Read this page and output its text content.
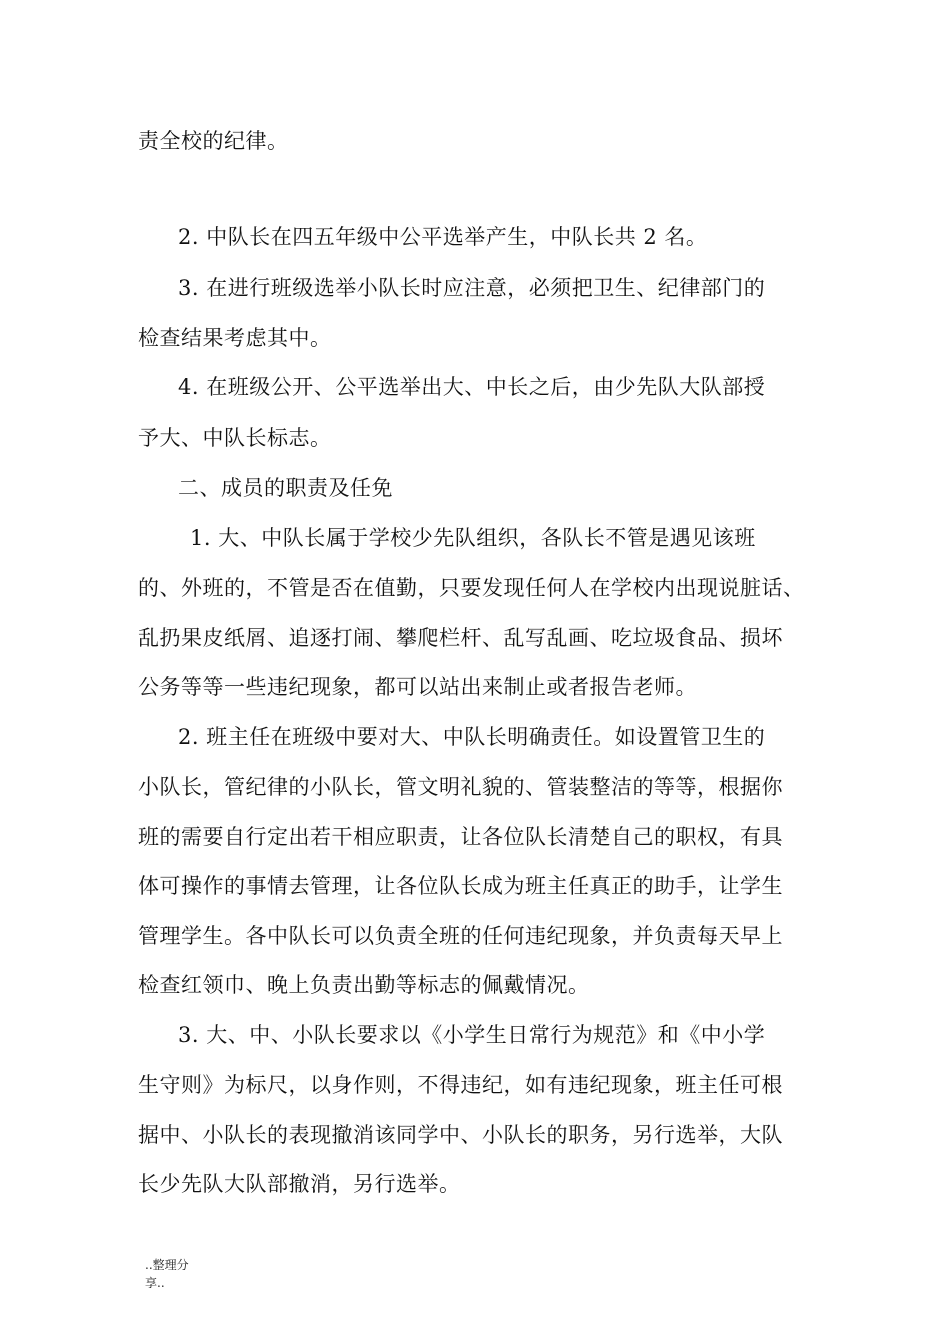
责全校的纪律。
2. 中队长在四五年级中公平选举产生，中队长共 2 名。
3. 在进行班级选举小队长时应注意，必须把卫生、纪律部门的
检查结果考虑其中。
4. 在班级公开、公平选举出大、中长之后，由少先队大队部授
予大、中队长标志。
二、成员的职责及任免
1. 大、中队长属于学校少先队组织，各队长不管是遇见该班
的、外班的，不管是否在值勤，只要发现任何人在学校内出现说脏话、
乱扔果皮纸屑、追逐打闹、攀爬栏杆、乱写乱画、吃垃圾食品、损坏
公务等等一些违纪现象，都可以站出来制止或者报告老师。
2. 班主任在班级中要对大、中队长明确责任。如设置管卫生的
小队长，管纪律的小队长，管文明礼貌的、管装整洁的等等，根据你
班的需要自行定出若干相应职责，让各位队长清楚自己的职权，有具
体可操作的事情去管理，让各位队长成为班主任真正的助手，让学生
管理学生。各中队长可以负责全班的任何违纪现象，并负责每天早上
检查红领巾、晚上负责出勤等标志的佩戴情况。
3. 大、中、小队长要求以《小学生日常行为规范》和《中小学
生守则》为标尺，以身作则，不得违纪，如有违纪现象，班主任可根
据中、小队长的表现撤消该同学中、小队长的职务，另行选举，大队
长少先队大队部撤消，另行选举。
..整理分
享..
